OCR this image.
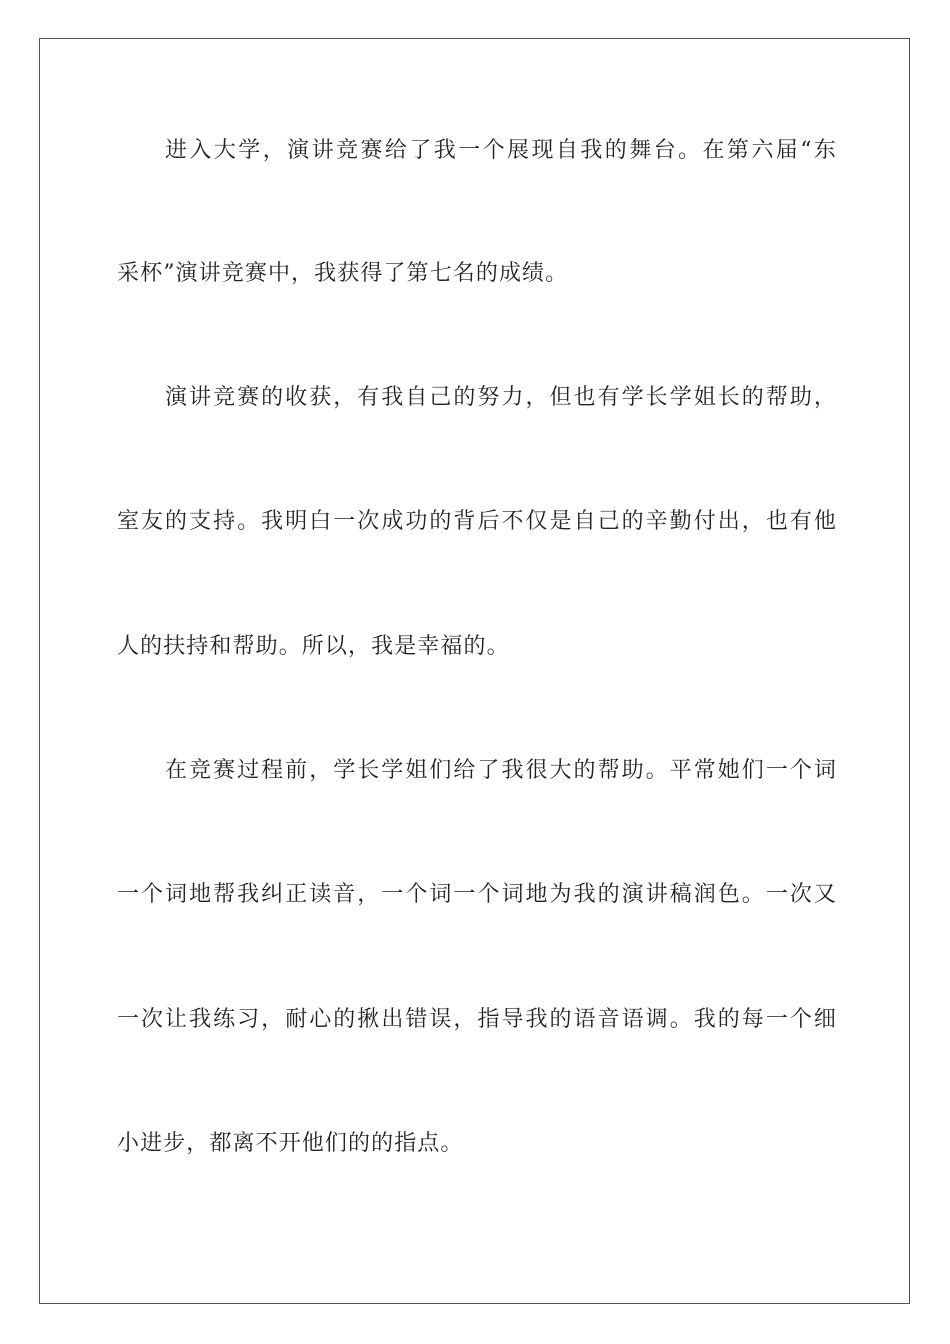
进入大学，演讲竞赛给了我一个展现自我的舞台。在第六届“东
采杯”演讲竞赛中，我获得了第七名的成绩。
演讲竞赛的收获，有我自己的努力，但也有学长学姐长的帮助，
室友的支持。我明白一次成功的背后不仅是自己的辛勤付出，也有他
人的扶持和帮助。所以，我是幸福的。
在竞赛过程前，学长学姐们给了我很大的帮助。平常她们一个词
一个词地帮我纠正读音，一个词一个词地为我的演讲稿润色。一次又
一次让我练习，耐心的揪出错误，指导我的语音语调。我的每一个细
小进步，都离不开他们的的指点。
